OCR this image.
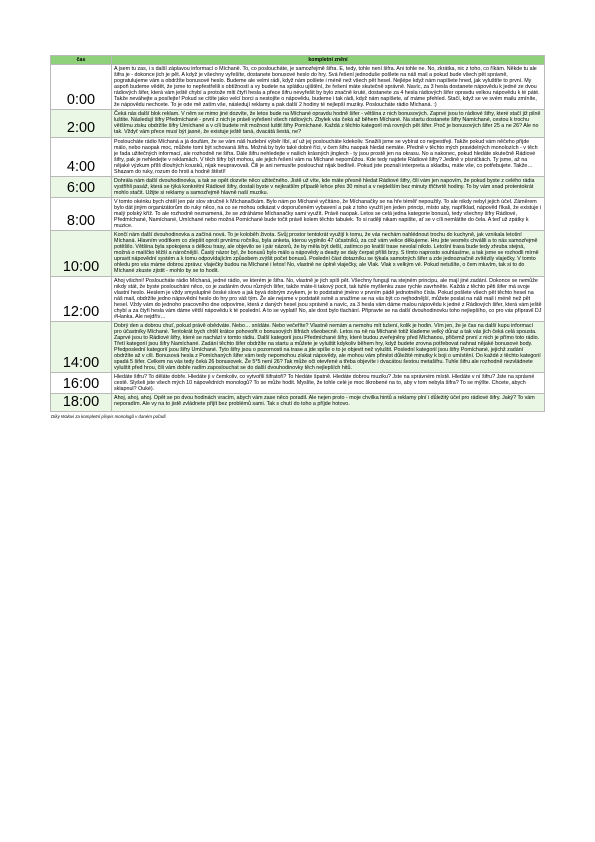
čas	kompletní znění
0:00	A jsem tu zas, i s další záplavou informací o Míchaně. To, co posloucháte, je samozřejmě šifra. E, tedy, tohle není šifra. Ani tohle ne. No, zkrátka, nic z toho, co říkám. Někde tu ale šifra je - dokonce jich je pět. A když je všechny vyřešíte, dostanete bonusové heslo do hry. Svá řešení jednoduše pošlete na náš mail a pokud bude všech pět správně, pogratulujeme vám a obdržíte bonusové heslo. Budeme ale velmi rádi, když nám pošlete i méně než všech pět hesel. Nejlépe když nám napíšete hned, jak vyluštíte to první. My aspoň budeme vědět, že jsme to nepřestřelili s obtížností a vy budete na splátku ujištění, že řešení máte skutečně správně. Navíc, za 3 hesla dostanete nápovědu k jedné ze dvou rádiových šifer, která vám ještě chybí a protože míti čtyři hesla a přece šifru nevyřešit by bylo značně kruté, dostanete za 4 hesla rádiových šifer opravdu velkou nápovědu k té páté. Takže neváhejte a posílejte! Pokud se cítíte jako velcí borci a nestojíte o nápovědu, budeme i tak rádi, když nám napíšete, ať máme přehled. Stačí, když se ve svém mailu zmíníte, že nápovědu nechcete. To je ode mě zatím vše, následují reklamy a pak další 2 hodiny té nejlepší muziky. Posloucháte rádio Míchaná. :)
2:00	Čeká nás další blok reklam. V něm se mimo jiné dozvíte, že letos bude na Míchané opravdu hodně šifer - většina z nich bonusových. Zaprvé jsou to rádiové šifry, které stačí již pilně luštite. Následují šifry Předmíchané - první z nich je právě vyřešení všech rádiových. Zbylek vás čeká až během Míchané. Na startu dostanete šifry Namíchané, cestou k trochu většímu zisku obdržíte šifry Umíchané a v cíli budete mít možnost luštit šifry Pomíchané. Každá z těchto kategorií má rovných pět šifer. Proč je bonusových šifer 25 a ne 26? Ale no tak. Vždyť vám přece musí být jasné, že existuje ještě taná, dvacátá šestá, ne?
4:00	Posloucháte rádio Míchaná a já doufám, že se vám náš hudební výběr líbí, ať už jej posloucháte kdekoliv. Snažili jsme se vybírat co nejpestřeji. Takže pokud vám něčeho přijde málo, nebo naopak moc, můžete tomi být schovaná šifra. Možná by bylo také dobré říci, v čem šifru naopak hledat nemáte. Předně v těchto mých pravidelných monolozích - v těch je řada užitečných informací, ale rozhodně ne šifra. Dále šifru nehledejte v našich krásných jinglech - ty jsou prostě jen na okrasu. No a nakonec, pokud hledáte skutečně Rádiové šifry, pak je nehledejte v reklamách. V těch šifry být mohou, ale jejich řešení vám na Míchané nepomůžou. Kde tedy najdete Rádiové šifry? Jedině v písničkách. Ty jsme, až na nějaké výzkum přílš dlouhých kousků, nijak neupravovali. Čili je ani nemusíte poslouchat nijak bedlivě. Pokud jste poznali interpreta a skladbu, máte vše, co potřebujete. Takže… Shazam do ruky, rozum do hrsti a hodně štěstí!
6:00	Dohrála nám další dvouhodinovka, a tak se opět dozvíte něco užitečného. Jistě už víte, kde máte přesně hledat Rádiové šifry, čili vám jen napovím, že pokud byste z celého rádia vystřihli pasáž, která se týká konkrétní Rádiové šifry, dostali byste v nejkratším případě lehce přes 30 minut a v nejdelším bez minuty třičtvrtě hodiny. To by vám snad protentokrát mohlo stačit. Užijte si reklamy a samozřejmě hlavně naší muziku.
8:00	V tomto okénku bych chtěl jen pár slov stručně k Míchanačkám. Bylo nám po Míchané vyčítáno, že Míchanačky se na hře téměř nepoužily. To ale nikdy nebyl jejich účel. Záměrem bylo dát jiným organizátorům do ruky něco, na co se mohou odkázat v doporučeném vybavení a pak z toho využít jen jeden princip, místo aby, například, nápověd říkali, že existuje i malý polský kříž. To ale rozhodně neznamená, že se zdráháme Míchanačky sami využít. Právě naopak. Letos se celá jedna kategorie bonusů, tedy všechny šifry Rádiové, Předmíchané, Namíchané, Umíchané nebo možná Pomíchané bude točit právě kolem těchto tabulek. To si raději nikam napište, ať se v cíli nemlátíte do čela. A teď už zpátky k muzice.
10:00	Končí nám další dvouhodinovka a začíná nová. To je koloběh života. Svůj prostor tentokrát využijí k tomu, že vás nechám nahlédnout trochu do kuchyně, jak vznikala letošní Míchaná. Hlavním vodítkem co zlepšit oproti prvnímu ročníku, byla anketa, kterou vyplnilo 47 účastníků, za což vám velice děkujeme. Hru jste vesměs chválili a to nás samozřejmě potěšilo. Většina byla spokojena s délkou trasy, ale objevilo se i pár názorů, že by měla být delší, zatímco po kratší trase nevolal nikdo. Letošní trasa bude tedy zhruba stejná, možná o malíčko těžší a náročnější. Častý názor byl, že bonusů bylo málo a nápovědy a deady se daly čerpat příliš brzy. S tímto naprosto souhlasíme, a tak jsme se rozhodli mírně upravit nápovědní systém a k tomu odpovídajícím způsobem zvýšit počet bonusů. Poslední část dotazníku se týkala samotných šifer a zde jednoznačně zvítězily vlaječky. V tomto ohledu pro vás máme dobrou zprávu: vlaječky budou na Míchané i letos! No, vlastně ne úplně vlaječky, ale Vlak. Vlak s velkým vé. Pokud netušíte, o čem mluvím, tak si to do Míchané zkuste zjistit - mohlo by se to hodit.
12:00	Ahoj všichni! Posloucháte rádio Míchaná, jedné rádio, ve kterém je šifra. No, vlastně je jich spíš pět. Všechny fungují na stejném principu, ale mají jiné zadání. Dokonce se nemůže nikdy stát, že byste posloucháni něco, co je zadáním dvou různých šifer, takže máte-li takový pocit, tak tuhle myšlenku zase rychle zavrhněte. Každá z těchto pěti šifer má svoje vlastní heslo. Heslem je vždy smysluplné české slovo a jak byvá dobrým zvykem, je to podstatné jméno v prvním pádě jednotného čísla. Pokud pošlete všech pět těchto hesel na náš mail, obdržíte jedno nápovědní heslo do hry pro váš tým. Že ale nejsme v podstatě svině a snažíme se na vás být co nejhodnější, můžete poslat na náš mail i méně než pět hesel. Vždy vám do jednoho pracovního dne odpovíme, která z daných hesel jsou správně a navíc, za 3 hesla vám dáme malou nápovědu k jedné z Rádiových šifer, která vám ještě chybí a za čtyři hesla vám dáme větší nápovědu k té poslední. A to se vyplatí! No, ale dost bylo tlachání. Připravte se na další dvouhodinovku toho nejlepšího, co pro vás připravil DJ #Hanka. Ale nejdřív…
14:00	Dobrý den a dobrou chuť, pokud právě obědváte. Nebo… snídáte. Nebo večeříte? Vlastně nemám a nemohu mít tušení, kolik je hodin. Vím jen, že je čas na další kupu informací pro účastníky Míchané. Tentokrát bych chtěl krátce pohovořit o bonusových šifrách všeobecně. Letos na ně na Míchané totiž klademe velký důraz a tak vás jich čeká celá spousta. Zaprvé jsou to Rádiové šifry, které se nachází v tomto rádiu. Další kategorií jsou Předmíchané šifry, které budou zveřejněny před Míchanou, přičemž první z nich je přímo toto rádio. Třetí kategorií jsou šifry Namíchané. Zadání těchto šifer obdržíte na startu a můžete je vyluštit kdykoliv během hry, když budete zrovna potřebovat nahnat nějaké bonusové body. Předposlední kategorií jsou šifry Umíchané. Tyto šifry jsou o pozornosti na trase a jde spíše o to je objevit než vyluštit. Poslední kategorií jsou šifry Pomíchané, jejichž zadání obdržíte až v cíli. Bonusová hesla z Pomíchaných šifer vám tedy nepomohou získat nápovědy, ale mohou vám přinést důležité minutky k boji o umístění. Do každé z těchto kategorií spadá 5 šifer. Celkem na vás tedy čeká 26 bonusovek. Že 5*5 není 26? Tak může oči otevřené a třeba objevíte i dvacátou šestou metašifru. Tuhle šifru ale rozhodně nezvládnete vyluštit před hrou, čili vám dobře radím zaposlouchat se do další dvouhodinovky těch nejlepších hitů.
16:00	Hledáte šifru? To děláte dobře. Hledáte ji v čemkoliv, co vytvořili šifratoři? To hledáte špatně. Hledáte dobrou muziku? Jste na správném místě. Hledáte v ní šifru? Jste na správné cestě. Slyšeli jste všech mých 10 nápovědních monologů? To se může hodit. Myslíte, že tohle celé je moc škrobené na to, aby v tom nebyla šifra? To se mýlíte. Chcete, abych sklapnul? Ouké).
18:00	Ahoj, ahoj, ahoj. Opět se po dvou hodinách vracím, abych vám zase něco poradil. Ale nejen proto - moje chvilka hintů a reklamy plní i důležitý účel pro rádiové šifry. Jaký? To vám neporadím. Ale vy na to jistě zvládnete přijít bez problémů sami. Tak s chutí do toho a příjde hotovo.
Díky Walovi za kompletní přepis monologů v daném pořadí.
